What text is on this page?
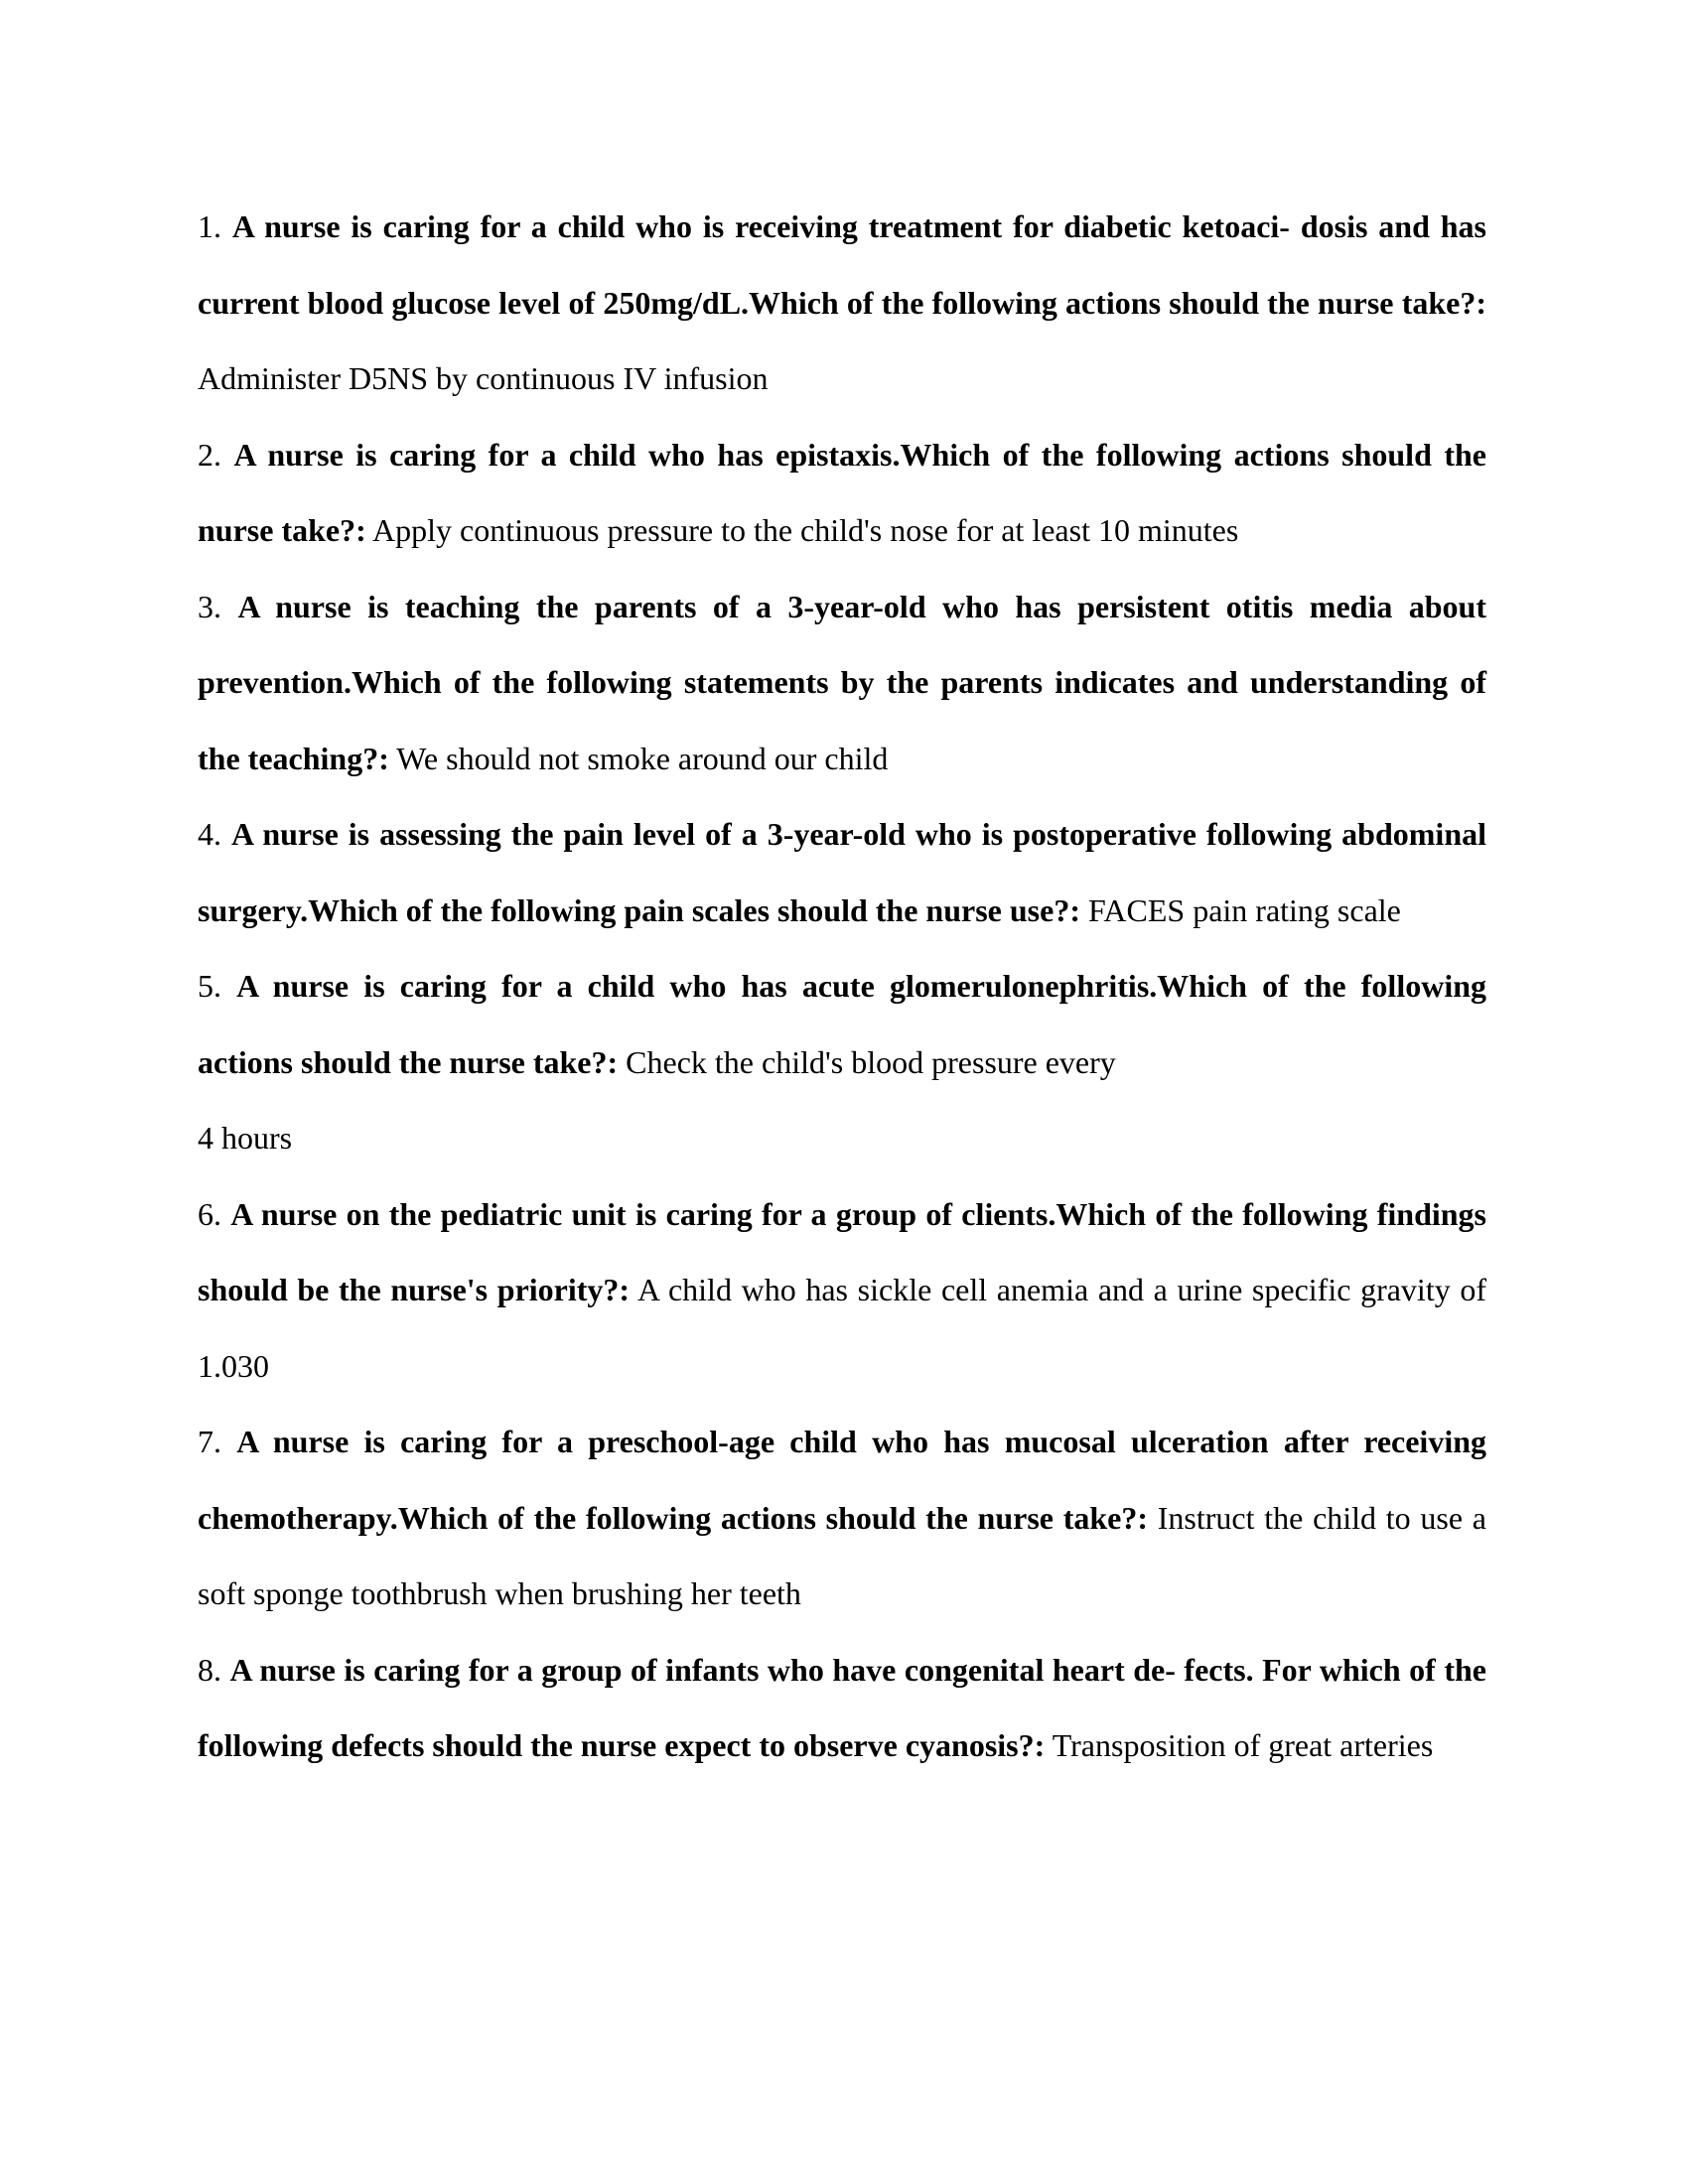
1. A nurse is caring for a child who is receiving treatment for diabetic ketoaci- dosis and has current blood glucose level of 250mg/dL.Which of the following actions should the nurse take?: Administer D5NS by continuous IV infusion

2. A nurse is caring for a child who has epistaxis.Which of the following actions should the nurse take?: Apply continuous pressure to the child's nose for at least 10 minutes

3. A nurse is teaching the parents of a 3-year-old who has persistent otitis media about prevention.Which of the following statements by the parents indicates and understanding of the teaching?: We should not smoke around our child

4. A nurse is assessing the pain level of a 3-year-old who is postoperative following abdominal surgery.Which of the following pain scales should the nurse use?: FACES pain rating scale

5. A nurse is caring for a child who has acute glomerulonephritis.Which of the following actions should the nurse take?: Check the child's blood pressure every
4 hours

6. A nurse on the pediatric unit is caring for a group of clients.Which of the following findings should be the nurse's priority?: A child who has sickle cell anemia and a urine specific gravity of 1.030

7. A nurse is caring for a preschool-age child who has mucosal ulceration after receiving chemotherapy.Which of the following actions should the nurse take?: Instruct the child to use a soft sponge toothbrush when brushing her teeth

8. A nurse is caring for a group of infants who have congenital heart de- fects. For which of the following defects should the nurse expect to observe cyanosis?: Transposition of great arteries
